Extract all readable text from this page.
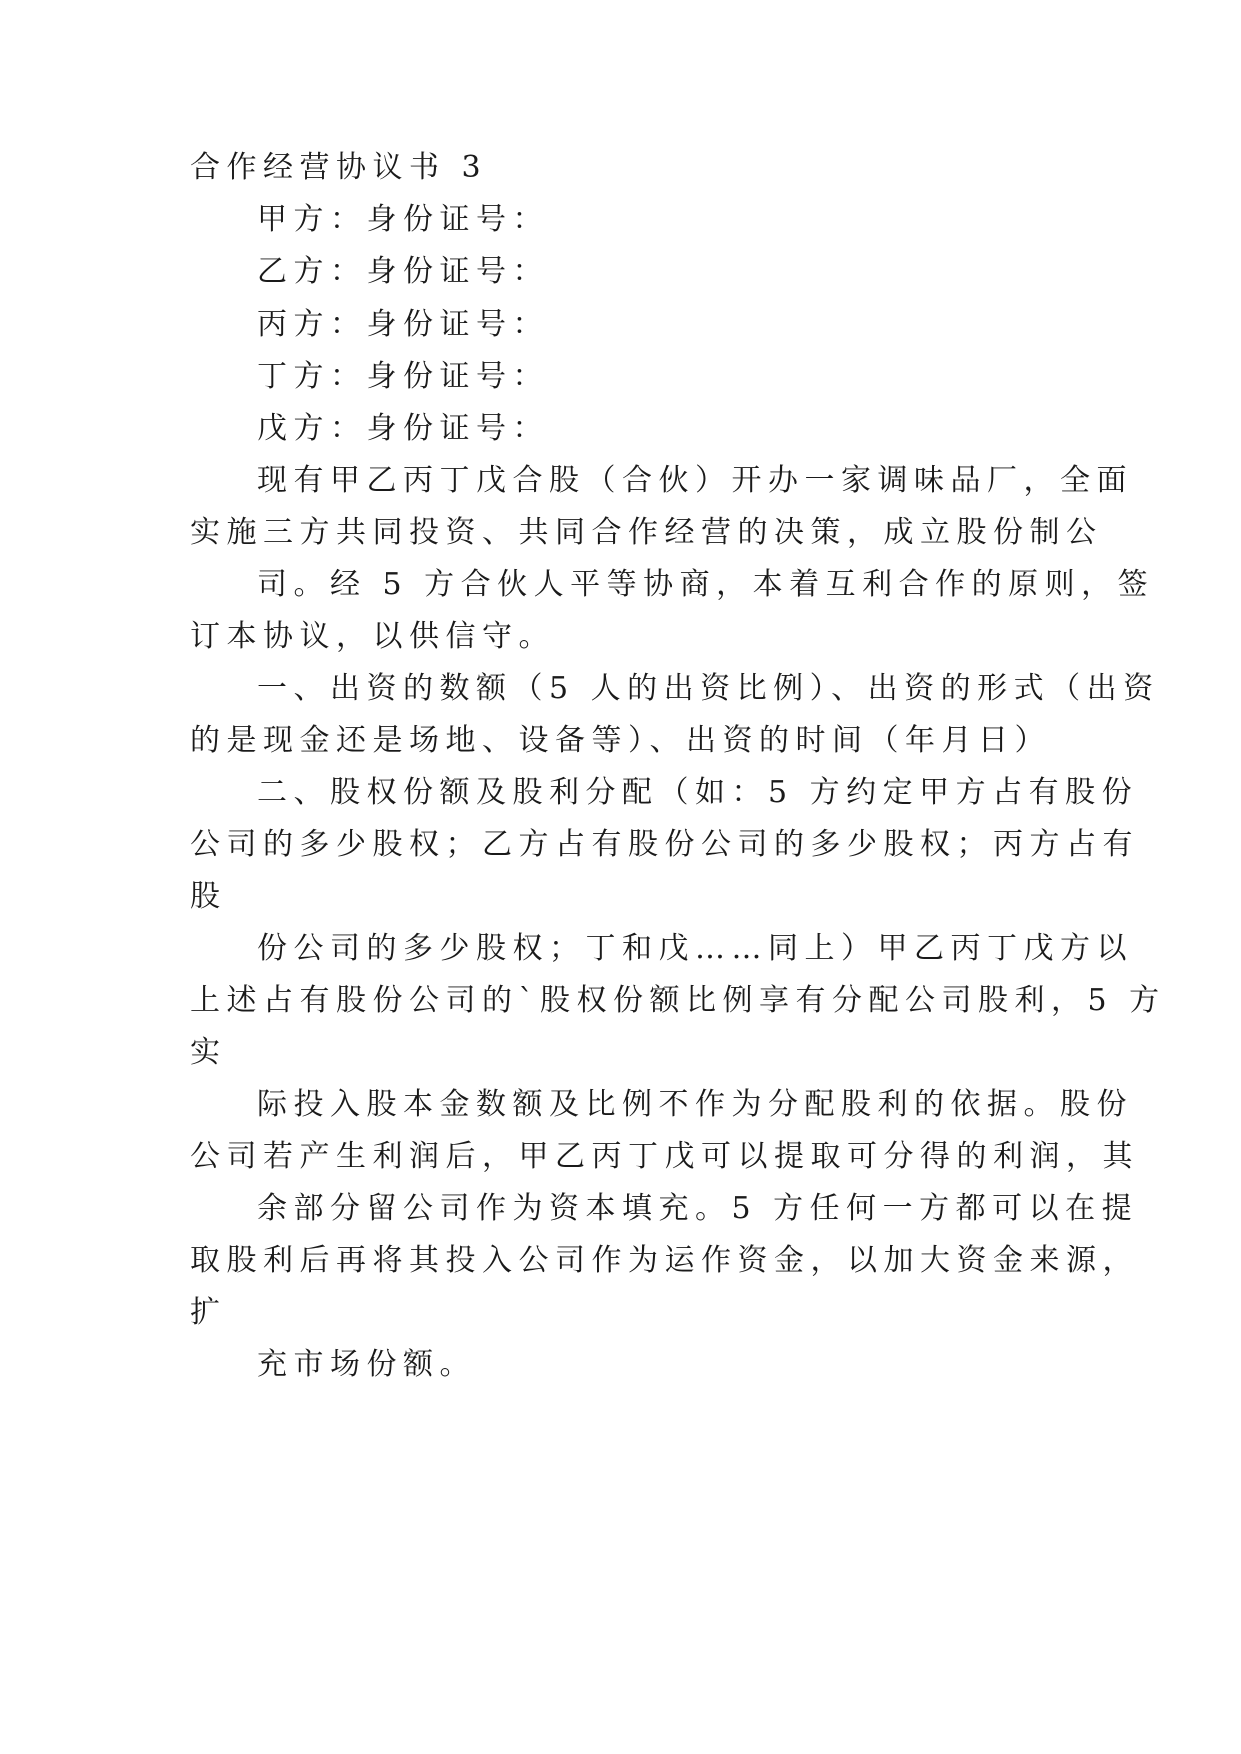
合作经营协议书 3
甲方：身份证号：
乙方：身份证号：
丙方：身份证号：
丁方：身份证号：
戊方：身份证号：
现有甲乙丙丁戊合股（合伙）开办一家调味品厂，全面
实施三方共同投资、共同合作经营的决策，成立股份制公
司。经 5 方合伙人平等协商，本着互利合作的原则，签
订本协议，以供信守。
一、出资的数额（5 人的出资比例）、出资的形式（出资
的是现金还是场地、设备等）、出资的时间（年月日）
二、股权份额及股利分配（如：5 方约定甲方占有股份
公司的多少股权；乙方占有股份公司的多少股权；丙方占有
股
份公司的多少股权；丁和戊……同上）甲乙丙丁戊方以
上述占有股份公司的`股权份额比例享有分配公司股利，5 方
实
际投入股本金数额及比例不作为分配股利的依据。股份
公司若产生利润后，甲乙丙丁戊可以提取可分得的利润，其
余部分留公司作为资本填充。5 方任何一方都可以在提
取股利后再将其投入公司作为运作资金，以加大资金来源，
扩
充市场份额。
